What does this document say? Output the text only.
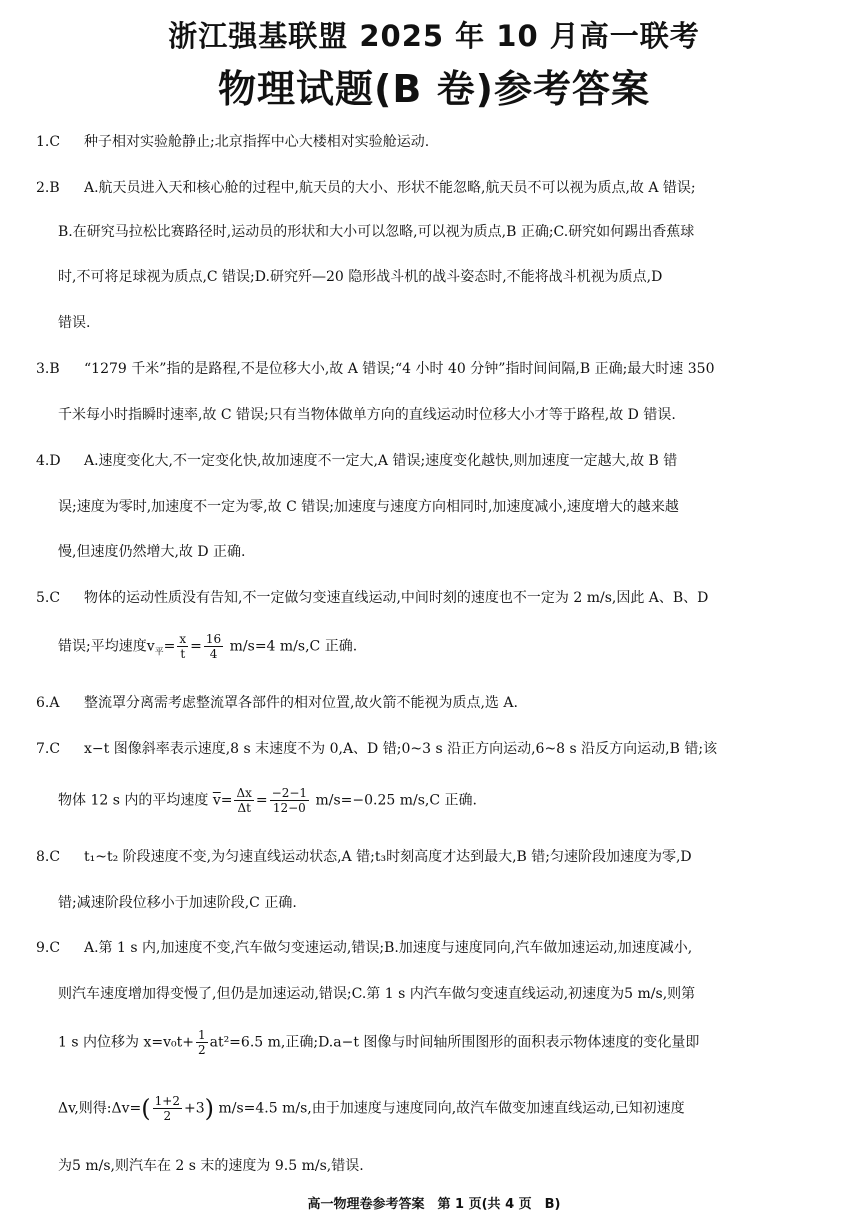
浙江强基联盟 2025 年 10 月高一联考
物理试题(B 卷)参考答案
1.C 种子相对实验舱静止;北京指挥中心大楼相对实验舱运动.
2.B A.航天员进入天和核心舱的过程中,航天员的大小、形状不能忽略,航天员不可以视为质点,故 A 错误;
B.在研究马拉松比赛路径时,运动员的形状和大小可以忽略,可以视为质点,B 正确;C.研究如何踢出香蕉球
时,不可将足球视为质点,C 错误;D.研究歼—20 隐形战斗机的战斗姿态时,不能将战斗机视为质点,D
错误.
3.B “1279 千米”指的是路程,不是位移大小,故 A 错误;“4 小时 40 分钟”指时间间隔,B 正确;最大时速 350
千米每小时指瞬时速率,故 C 错误;只有当物体做单方向的直线运动时位移大小才等于路程,故 D 错误.
4.D A.速度变化大,不一定变化快,故加速度不一定大,A 错误;速度变化越快,则加速度一定越大,故 B 错
误;速度为零时,加速度不一定为零,故 C 错误;加速度与速度方向相同时,加速度减小,速度增大的越来越
慢,但速度仍然增大,故 D 正确.
5.C 物体的运动性质没有告知,不一定做匀变速直线运动,中间时刻的速度也不一定为 2 m/s,因此 A、B、D
错误;平均速度$v_平= \frac{x}{t} = \frac{16}{4} m/s=4$ m/s,C 正确.
6.A 整流罩分离需考虑整流罩各部件的相对位置,故火箭不能视为质点,选 A.
7.C x−t 图像斜率表示速度,8 s 末速度不为 0,A、D 错;0~3 s 沿正方向运动,6~8 s 沿反方向运动,B 错;该
物体 12 s 内的平均速度 $\overline{v}= \frac{\Delta x}{\Delta t} = \frac{-2-1}{12-0} m/s=-0.25$ m/s,C 正确.
8.C t₁~t₂ 阶段速度不变,为匀速直线运动状态,A 错;t₃时刻高度才达到最大,B 错;匀速阶段加速度为零,D
错;减速阶段位移小于加速阶段,C 正确.
9.C A.第 1 s 内,加速度不变,汽车做匀变速运动,错误;B.加速度与速度同向,汽车做加速运动,加速度减小,
则汽车速度增加得变慢了,但仍是加速运动,错误;C.第 1 s 内汽车做匀变速直线运动,初速度为5 m/s,则第
1 s 内位移为 $x=v_0t+ \frac{1}{2} at^2=6.5$ m,正确;D.a−t 图像与时间轴所围图形的面积表示物体速度的变化量即
Δv,则得:Δv=( $\frac{1+2}{2} +3$) m/s=4.5 m/s,由于加速度与速度同向,故汽车做变加速直线运动,已知初速度
为5 m/s,则汽车在 2 s 末的速度为 9.5 m/s,错误.
高一物理卷参考答案　第 1 页(共 4 页　B)
